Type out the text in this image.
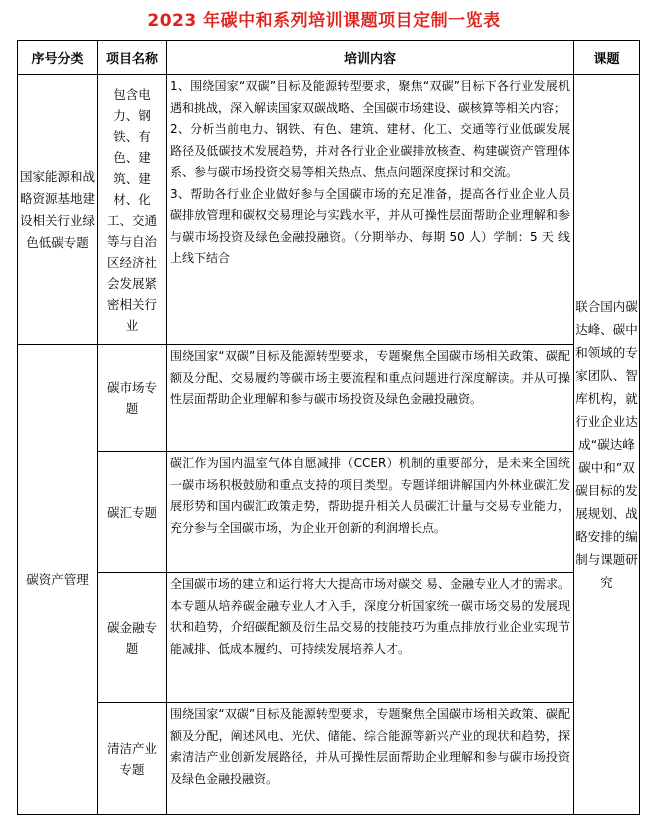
2023 年碳中和系列培训课题项目定制一览表
序号分类	项目名称	培训内容	课题
国家能源和战略资源基地建设相关行业绿色低碳专题	包含电力、钢铁、有色、建筑、建材、化工、交通等与自治区经济社会发展紧密相关行业	1、围绕国家“双碳”目标及能源转型要求，聚焦“双碳”目标下各行业发展机遇和挑战，深入解读国家双碳战略、全国碳市场建设、碳核算等相关内容；
2、分析当前电力、钢铁、有色、建筑、建材、化工、交通等行业低碳发展路径及低碳技术发展趋势，并对各行业企业碳排放核查、构建碳资产管理体系、参与碳市场投资交易等相关热点、焦点问题深度探讨和交流。
3、帮助各行业企业做好参与全国碳市场的充足准备，提高各行业企业人员碳排放管理和碳权交易理论与实践水平，并从可操性层面帮助企业理解和参与碳市场投资及绿色金融投融资。（分期举办、每期 50 人）学制：5 天 线上线下结合	联合国内碳达峰、碳中和领域的专家团队、智库机构，就行业企业达成“碳达峰碳中和”双碳目标的发展规划、战略安排的编制与课题研究
碳资产管理	碳市场专题	围绕国家“双碳”目标及能源转型要求，专题聚焦全国碳市场相关政策、碳配额及分配、交易履约等碳市场主要流程和重点问题进行深度解读。并从可操性层面帮助企业理解和参与碳市场投资及绿色金融投融资。	
	碳汇专题	碳汇作为国内温室气体自愿减排（CCER）机制的重要部分，是未来全国统一碳市场积极鼓励和重点支持的项目类型。专题详细讲解国内外林业碳汇发展形势和国内碳汇政策走势，帮助提升相关人员碳汇计量与交易专业能力，充分参与全国碳市场，为企业开创新的利润增长点。	
	碳金融专题	全国碳市场的建立和运行将大大提高市场对碳交 易、金融专业人才的需求。本专题从培养碳金融专业人才入手，深度分析国家统一碳市场交易的发展现状和趋势，介绍碳配额及衍生品交易的技能技巧为重点排放行业企业实现节能减排、低成本履约、可持续发展培养人才。	
	清洁产业专题	围绕国家“双碳”目标及能源转型要求，专题聚焦全国碳市场相关政策、碳配额及分配，阐述风电、光伏、储能、综合能源等新兴产业的现状和趋势，探索清洁产业创新发展路径，并从可操性层面帮助企业理解和参与碳市场投资及绿色金融投融资。	
